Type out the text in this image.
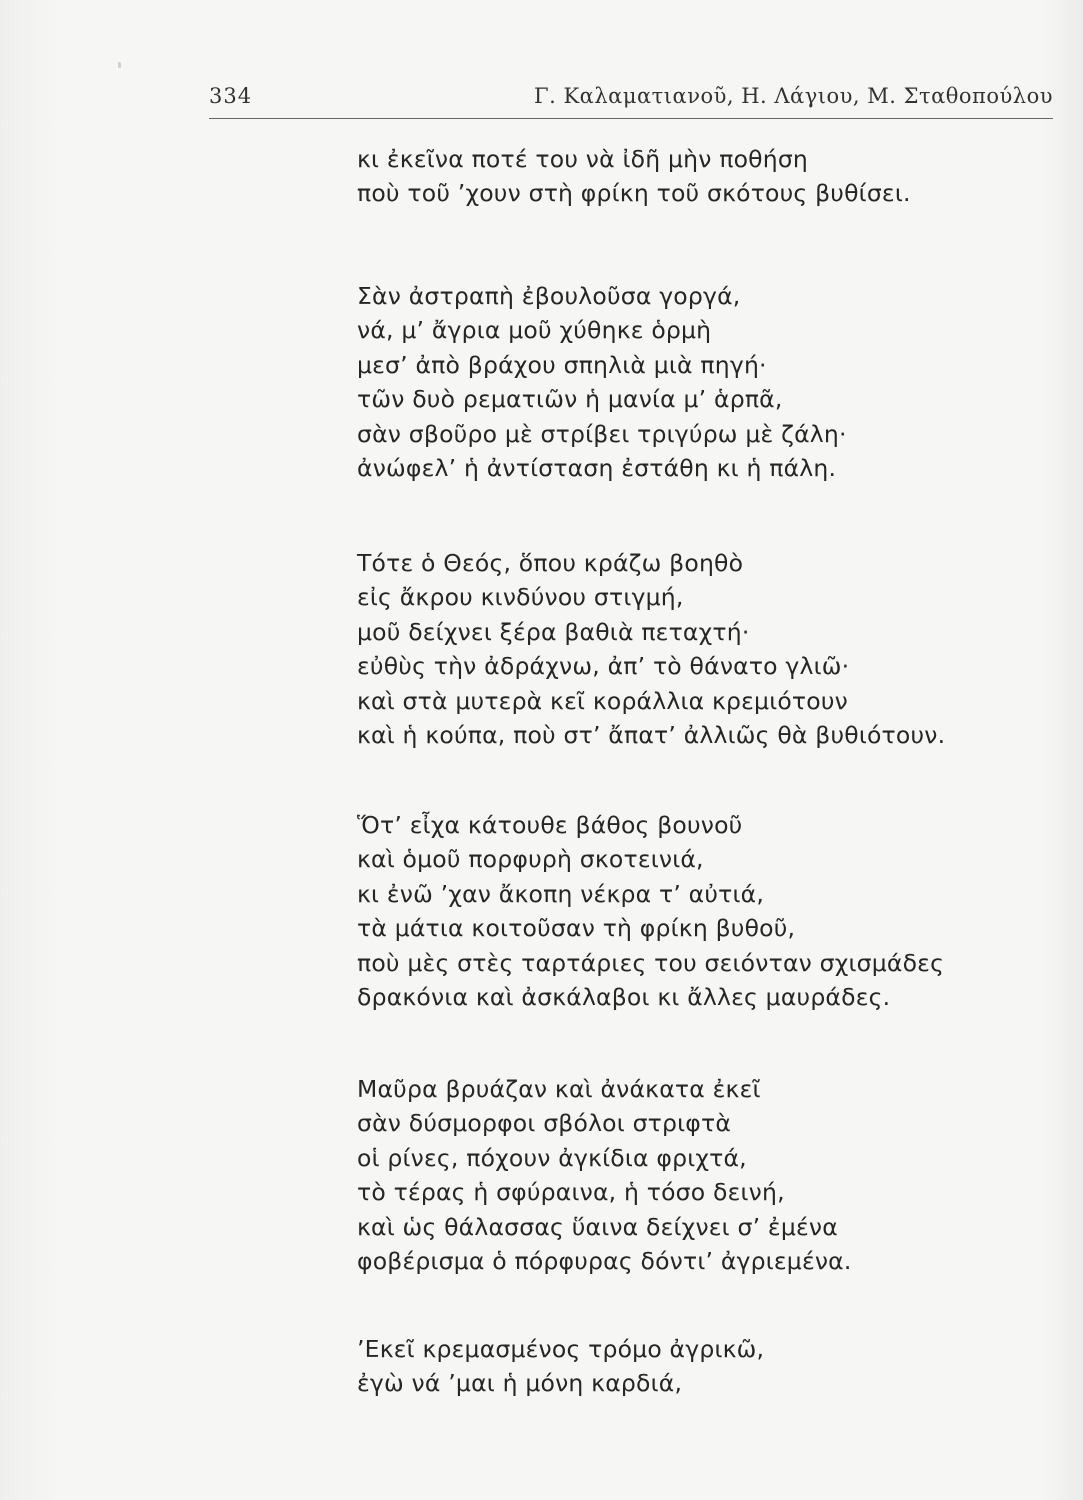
334	Γ. Καλαματιανοῦ, Η. Λάγιου, Μ. Σταθοπούλου
κι ἐκεῖνα ποτέ του νὰ ἰδῆ μὴν ποθήση
ποὺ τοῦ ’χουν στὴ φρίκη τοῦ σκότους βυθίσει.
Σὰν ἀστραπὴ ἐβουλοῦσα γοργά,
νά, μ’ ἄγρια μοῦ χύθηκε ὁρμὴ
μεσ’ ἀπὸ βράχου σπηλιὰ μιὰ πηγή·
τῶν δυὸ ρεματιῶν ἡ μανία μ’ ἁρπᾶ,
σὰν σβοῦρο μὲ στρίβει τριγύρω μὲ ζάλη·
ἀνώφελ’ ἡ ἀντίσταση ἐστάθη κι ἡ πάλη.
Τότε ὁ Θεός, ὅπου κράζω βοηθὸ
εἰς ἄκρου κινδύνου στιγμή,
μοῦ δείχνει ξέρα βαθιὰ πεταχτή·
εὐθὺς τὴν ἀδράχνω, ἀπ’ τὸ θάνατο γλιῶ·
καὶ στὰ μυτερὰ κεῖ κοράλλια κρεμιότουν
καὶ ἡ κούπα, ποὺ στ’ ἄπατ’ ἀλλιῶς θὰ βυθιότουν.
Ὅτ’ εἶχα κάτουθε βάθος βουνοῦ
καὶ ὁμοῦ πορφυρὴ σκοτεινιά,
κι ἐνῶ ’χαν ἄκοπη νέκρα τ’ αὐτιά,
τὰ μάτια κοιτοῦσαν τὴ φρίκη βυθοῦ,
ποὺ μὲς στὲς ταρτάριες του σειόνταν σχισμάδες
δρακόνια καὶ ἀσκάλαβοι κι ἄλλες μαυράδες.
Μαῦρα βρυάζαν καὶ ἀνάκατα ἐκεῖ
σὰν δύσμορφοι σβόλοι στριφτὰ
οἱ ρίνες, πόχουν ἀγκίδια φριχτά,
τὸ τέρας ἡ σφύραινα, ἡ τόσο δεινή,
καὶ ὡς θάλασσας ὕαινα δείχνει σ’ ἐμένα
φοβέρισμα ὁ πόρφυρας δόντι’ ἀγριεμένα.
’Εκεῖ κρεμασμένος τρόμο ἀγρικῶ,
ἐγὼ νά ’μαι ἡ μόνη καρδιά,
